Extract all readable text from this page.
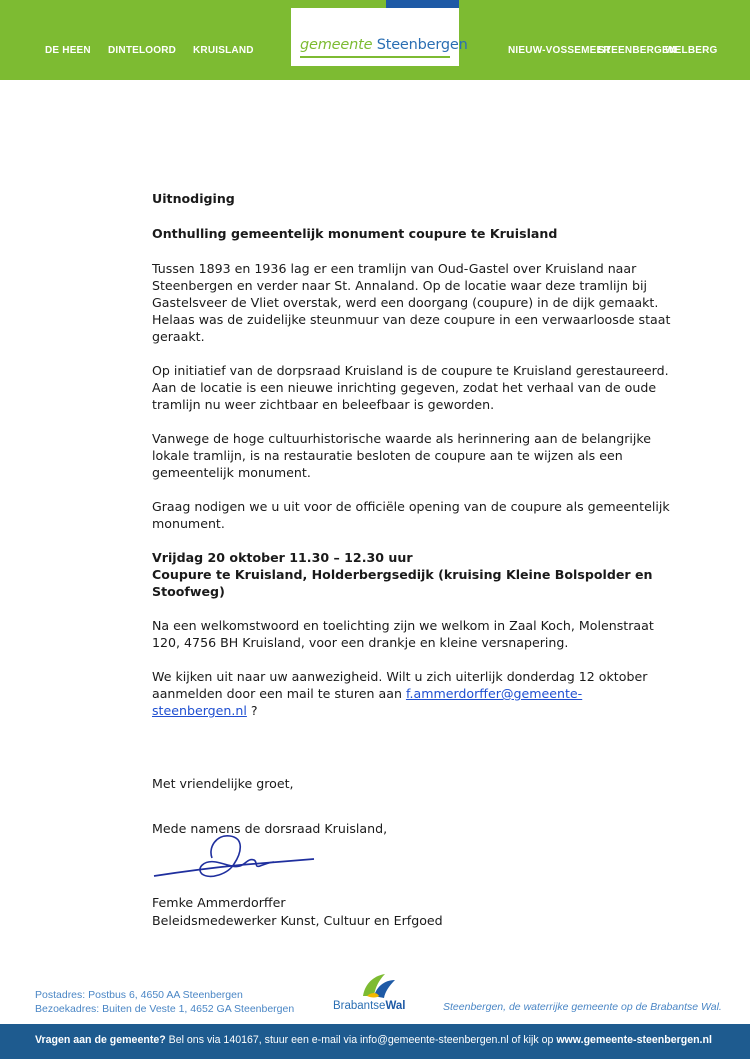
DE HEEN DINTELOORD KRUISLAND	NIEUW-VOSSEMEER
STEENBERGEN
WELBERG
gemeente Steenbergen

Uitnodiging

Onthulling gemeentelijk monument coupure te Kruisland

Tussen 1893 en 1936 lag er een tramlijn van Oud-Gastel over Kruisland naar Steenbergen en verder naar St. Annaland. Op de locatie waar deze tramlijn bij Gastelsveer de Vliet overstak, werd een doorgang (coupure) in de dijk gemaakt. Helaas was de zuidelijke steunmuur van deze coupure in een verwaarloosde staat geraakt.

Op initiatief van de dorpsraad Kruisland is de coupure te Kruisland gerestaureerd. Aan de locatie is een nieuwe inrichting gegeven, zodat het verhaal van de oude tramlijn nu weer zichtbaar en beleefbaar is geworden.

Vanwege de hoge cultuurhistorische waarde als herinnering aan de belangrijke lokale tramlijn, is na restauratie besloten de coupure aan te wijzen als een gemeentelijk monument.

Graag nodigen we u uit voor de officiële opening van de coupure als gemeentelijk monument.

Vrijdag 20 oktober 11.30 – 12.30 uur

Coupure te Kruisland, Holderbergsedijk (kruising Kleine Bolspolder en Stoofweg)

Na een welkomstwoord en toelichting zijn we welkom in Zaal Koch, Molenstraat 120, 4756 BH Kruisland, voor een drankje en kleine versnapering.

We kijken uit naar uw aanwezigheid. Wilt u zich uiterlijk donderdag 12 oktober aanmelden door een mail te sturen aan f.ammerdorffer@gemeente-steenbergen.nl ?

Met vriendelijke groet,

Mede namens de dorsraad Kruisland,

Femke Ammerdorffer

Beleidsmedewerker Kunst, Cultuur en Erfgoed

Postadres: Postbus 6, 4650 AA Steenbergen

Bezoekadres: Buiten de Veste 1, 4652 GA Steenbergen	BrabantseWal	Steenbergen, de waterrijke gemeente op de Brabantse Wal.
Vragen aan de gemeente? Bel ons via 140167, stuur een e-mail via info@gemeente-steenbergen.nl of kijk op www.gemeente-steenbergen.nl
